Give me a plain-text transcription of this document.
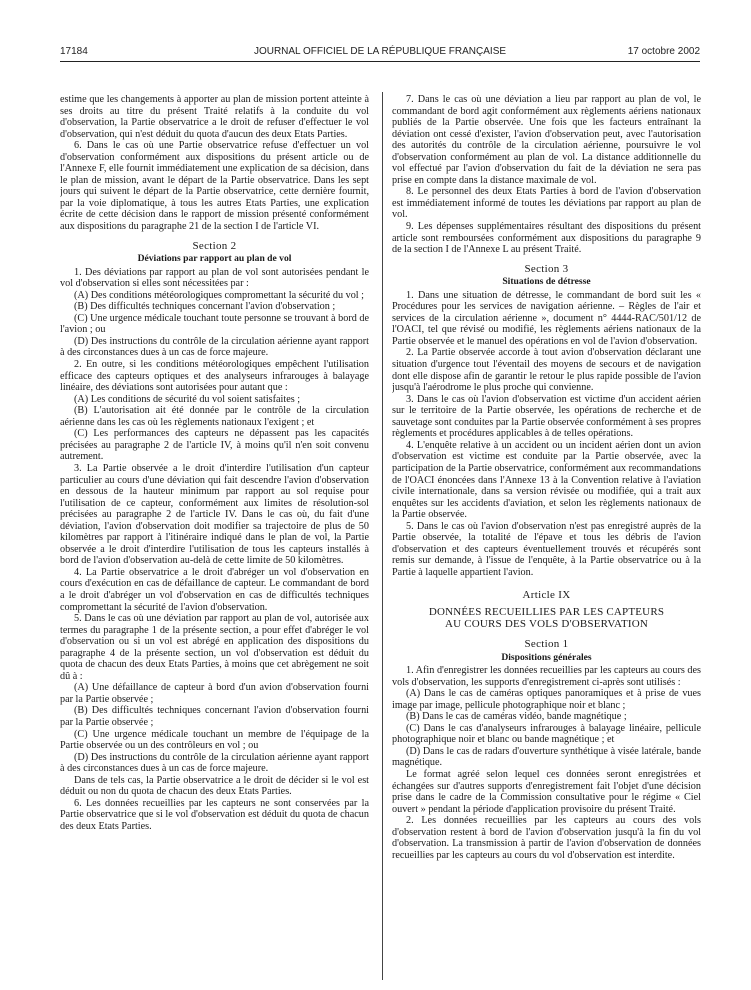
17184	JOURNAL OFFICIEL DE LA RÉPUBLIQUE FRANÇAISE	17 octobre 2002

estime que les changements à apporter au plan de mission portent atteinte à ses droits au titre du présent Traité relatifs à la conduite du vol d'observation, la Partie observatrice a le droit de refuser d'effectuer le vol d'observation, qui n'est déduit du quota d'aucun des deux Etats Parties.

6. Dans le cas où une Partie observatrice refuse d'effectuer un vol d'observation conformément aux dispositions du présent article ou de l'Annexe F, elle fournit immédiatement une explication de sa décision, dans le plan de mission, avant le départ de la Partie observatrice. Dans les sept jours qui suivent le départ de la Partie observatrice, cette dernière fournit, par la voie diplomatique, à tous les autres Etats Parties, une explication écrite de cette décision dans le rapport de mission présenté conformément aux dispositions du paragraphe 21 de la section I de l'article VI.

Section 2
Déviations par rapport au plan de vol

1. Des déviations par rapport au plan de vol sont autorisées pendant le vol d'observation si elles sont nécessitées par :

(A) Des conditions météorologiques compromettant la sécurité du vol ;

(B) Des difficultés techniques concernant l'avion d'observation ;

(C) Une urgence médicale touchant toute personne se trouvant à bord de l'avion ; ou

(D) Des instructions du contrôle de la circulation aérienne ayant rapport à des circonstances dues à un cas de force majeure.

2. En outre, si les conditions météorologiques empêchent l'utilisation efficace des capteurs optiques et des analyseurs infrarouges à balayage linéaire, des déviations sont autorisées pour autant que :

(A) Les conditions de sécurité du vol soient satisfaites ;

(B) L'autorisation ait été donnée par le contrôle de la circulation aérienne dans les cas où les règlements nationaux l'exigent ; et

(C) Les performances des capteurs ne dépassent pas les capacités précisées au paragraphe 2 de l'article IV, à moins qu'il n'en soit convenu autrement.

3. La Partie observée a le droit d'interdire l'utilisation d'un capteur particulier au cours d'une déviation qui fait descendre l'avion d'observation en dessous de la hauteur minimum par rapport au sol requise pour l'utilisation de ce capteur, conformément aux limites de résolution-sol précisées au paragraphe 2 de l'article IV. Dans le cas où, du fait d'une déviation, l'avion d'observation doit modifier sa trajectoire de plus de 50 kilomètres par rapport à l'itinéraire indiqué dans le plan de vol, la Partie observée a le droit d'interdire l'utilisation de tous les capteurs installés à bord de l'avion d'observation au-delà de cette limite de 50 kilomètres.

4. La Partie observatrice a le droit d'abréger un vol d'observation en cours d'exécution en cas de défaillance de capteur. Le commandant de bord a le droit d'abréger un vol d'observation en cas de difficultés techniques compromettant la sécurité de l'avion d'observation.

5. Dans le cas où une déviation par rapport au plan de vol, autorisée aux termes du paragraphe 1 de la présente section, a pour effet d'abréger le vol d'observation ou si un vol est abrégé en application des dispositions du paragraphe 4 de la présente section, un vol d'observation est déduit du quota de chacun des deux Etats Parties, à moins que cet abrègement ne soit dû à :

(A) Une défaillance de capteur à bord d'un avion d'observation fourni par la Partie observée ;

(B) Des difficultés techniques concernant l'avion d'observation fourni par la Partie observée ;

(C) Une urgence médicale touchant un membre de l'équipage de la Partie observée ou un des contrôleurs en vol ; ou

(D) Des instructions du contrôle de la circulation aérienne ayant rapport à des circonstances dues à un cas de force majeure.

Dans de tels cas, la Partie observatrice a le droit de décider si le vol est déduit ou non du quota de chacun des deux Etats Parties.

6. Les données recueillies par les capteurs ne sont conservées par la Partie observatrice que si le vol d'observation est déduit du quota de chacun des deux Etats Parties.

7. Dans le cas où une déviation a lieu par rapport au plan de vol, le commandant de bord agit conformément aux règlements aériens nationaux publiés de la Partie observée. Une fois que les facteurs entraînant la déviation ont cessé d'exister, l'avion d'observation peut, avec l'autorisation des autorités du contrôle de la circulation aérienne, poursuivre le vol d'observation conformément au plan de vol. La distance additionnelle du vol effectué par l'avion d'observation du fait de la déviation ne sera pas prise en compte dans la distance maximale de vol.

8. Le personnel des deux Etats Parties à bord de l'avion d'observation est immédiatement informé de toutes les déviations par rapport au plan de vol.

9. Les dépenses supplémentaires résultant des dispositions du présent article sont remboursées conformément aux dispositions du paragraphe 9 de la section I de l'Annexe L au présent Traité.

Section 3
Situations de détresse

1. Dans une situation de détresse, le commandant de bord suit les « Procédures pour les services de navigation aérienne. – Règles de l'air et services de la circulation aérienne », document n° 4444-RAC/501/12 de l'OACI, tel que révisé ou modifié, les règlements aériens nationaux de la Partie observée et le manuel des opérations en vol de l'avion d'observation.

2. La Partie observée accorde à tout avion d'observation déclarant une situation d'urgence tout l'éventail des moyens de secours et de navigation dont elle dispose afin de garantir le retour le plus rapide possible de l'avion jusqu'à l'aérodrome le plus proche qui convienne.

3. Dans le cas où l'avion d'observation est victime d'un accident aérien sur le territoire de la Partie observée, les opérations de recherche et de sauvetage sont conduites par la Partie observée conformément à ses propres règlements et procédures applicables à de telles opérations.

4. L'enquête relative à un accident ou un incident aérien dont un avion d'observation est victime est conduite par la Partie observée, avec la participation de la Partie observatrice, conformément aux recommandations de l'OACI énoncées dans l'Annexe 13 à la Convention relative à l'aviation civile internationale, dans sa version révisée ou modifiée, qui a trait aux enquêtes sur les accidents d'aviation, et selon les règlements nationaux de la Partie observée.

5. Dans le cas où l'avion d'observation n'est pas enregistré auprès de la Partie observée, la totalité de l'épave et tous les débris de l'avion d'observation et des capteurs éventuellement trouvés et récupérés sont remis sur demande, à l'issue de l'enquête, à la Partie observatrice ou à la Partie à laquelle appartient l'avion.

Article IX
DONNÉES RECUEILLIES PAR LES CAPTEURS
AU COURS DES VOLS D'OBSERVATION
Section 1
Dispositions générales

1. Afin d'enregistrer les données recueillies par les capteurs au cours des vols d'observation, les supports d'enregistrement ci-après sont utilisés :

(A) Dans le cas de caméras optiques panoramiques et à prise de vues image par image, pellicule photographique noir et blanc ;

(B) Dans le cas de caméras vidéo, bande magnétique ;

(C) Dans le cas d'analyseurs infrarouges à balayage linéaire, pellicule photographique noir et blanc ou bande magnétique ; et

(D) Dans le cas de radars d'ouverture synthétique à visée latérale, bande magnétique.

Le format agréé selon lequel ces données seront enregistrées et échangées sur d'autres supports d'enregistrement fait l'objet d'une décision prise dans le cadre de la Commission consultative pour le régime « Ciel ouvert » pendant la période d'application provisoire du présent Traité.

2. Les données recueillies par les capteurs au cours des vols d'observation restent à bord de l'avion d'observation jusqu'à la fin du vol d'observation. La transmission à partir de l'avion d'observation de données recueillies par les capteurs au cours du vol d'observation est interdite.
